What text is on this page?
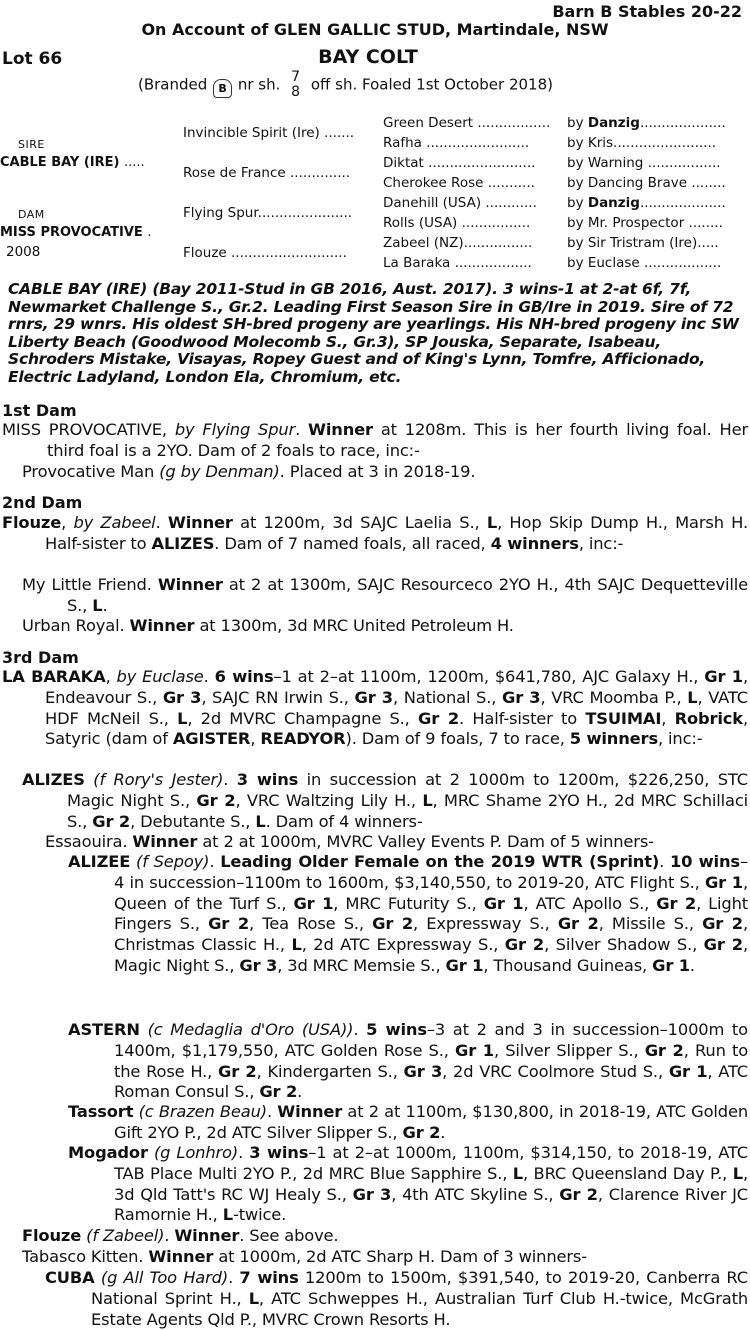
Barn B Stables 20-22
On Account of GLEN GALLIC STUD, Martindale, NSW
Lot 66	BAY COLT
(Branded B nr sh. 7
8 off sh. Foaled 1st October 2018)
SIRE
CABLE BAY (IRE) .....
DAM
MISS PROVOCATIVE .
2008
Invincible Spirit (Ire) .......
Rose de France ..............
Flying Spur......................
Flouze ...........................
Green Desert ................. by Danzig....................
Rafha ........................	by Kris........................
Diktat ......................... by Warning .................
Cherokee Rose ........... by Dancing Brave ........
Danehill (USA) ............ by Danzig....................
Rolls (USA) ................	by Mr. Prospector ........
Zabeel (NZ)................	by Sir Tristram (Ire).....
La Baraka ..................	by Euclase ..................
CABLE BAY (IRE) (Bay 2011-Stud in GB 2016, Aust. 2017). 3 wins-1 at 2-at 6f, 7f, Newmarket Challenge S., Gr.2. Leading First Season Sire in GB/Ire in 2019. Sire of 72 rnrs, 29 wnrs. His oldest SH-bred progeny are yearlings. His NH-bred progeny inc SW Liberty Beach (Goodwood Molecomb S., Gr.3), SP Jouska, Separate, Isabeau, Schroders Mistake, Visayas, Ropey Guest and of King's Lynn, Tomfre, Afficionado, Electric Ladyland, London Ela, Chromium, etc.
1st Dam
MISS PROVOCATIVE, by Flying Spur. Winner at 1208m. This is her fourth living foal. Her third foal is a 2YO. Dam of 2 foals to race, inc:-
Provocative Man (g by Denman). Placed at 3 in 2018-19.
2nd Dam
Flouze, by Zabeel. Winner at 1200m, 3d SAJC Laelia S., L, Hop Skip Dump H., Marsh H. Half-sister to ALIZES. Dam of 7 named foals, all raced, 4 winners, inc:-
My Little Friend. Winner at 2 at 1300m, SAJC Resourceco 2YO H., 4th SAJC Dequetteville S., L.
Urban Royal. Winner at 1300m, 3d MRC United Petroleum H.
3rd Dam
LA BARAKA, by Euclase. 6 wins–1 at 2–at 1100m, 1200m, $641,780, AJC Galaxy H., Gr 1, Endeavour S., Gr 3, SAJC RN Irwin S., Gr 3, National S., Gr 3, VRC Moomba P., L, VATC HDF McNeil S., L, 2d MVRC Champagne S., Gr 2. Half-sister to TSUIMAI, Robrick, Satyric (dam of AGISTER, READYOR). Dam of 9 foals, 7 to race, 5 winners, inc:-
ALIZES (f Rory's Jester). 3 wins in succession at 2 1000m to 1200m, $226,250, STC Magic Night S., Gr 2, VRC Waltzing Lily H., L, MRC Shame 2YO H., 2d MRC Schillaci S., Gr 2, Debutante S., L. Dam of 4 winners-
Essaouira. Winner at 2 at 1000m, MVRC Valley Events P. Dam of 5 winners-
ALIZEE (f Sepoy). Leading Older Female on the 2019 WTR (Sprint). 10 wins–4 in succession–1100m to 1600m, $3,140,550, to 2019-20, ATC Flight S., Gr 1, Queen of the Turf S., Gr 1, MRC Futurity S., Gr 1, ATC Apollo S., Gr 2, Light Fingers S., Gr 2, Tea Rose S., Gr 2, Expressway S., Gr 2, Missile S., Gr 2, Christmas Classic H., L, 2d ATC Expressway S., Gr 2, Silver Shadow S., Gr 2, Magic Night S., Gr 3, 3d MRC Memsie S., Gr 1, Thousand Guineas, Gr 1.
ASTERN (c Medaglia d'Oro (USA)). 5 wins–3 at 2 and 3 in succession–1000m to 1400m, $1,179,550, ATC Golden Rose S., Gr 1, Silver Slipper S., Gr 2, Run to the Rose H., Gr 2, Kindergarten S., Gr 3, 2d VRC Coolmore Stud S., Gr 1, ATC Roman Consul S., Gr 2.
Tassort (c Brazen Beau). Winner at 2 at 1100m, $130,800, in 2018-19, ATC Golden Gift 2YO P., 2d ATC Silver Slipper S., Gr 2.
Mogador (g Lonhro). 3 wins–1 at 2–at 1000m, 1100m, $314,150, to 2018-19, ATC TAB Place Multi 2YO P., 2d MRC Blue Sapphire S., L, BRC Queensland Day P., L, 3d Qld Tatt's RC WJ Healy S., Gr 3, 4th ATC Skyline S., Gr 2, Clarence River JC Ramornie H., L-twice.
Flouze (f Zabeel). Winner. See above.
Tabasco Kitten. Winner at 1000m, 2d ATC Sharp H. Dam of 3 winners-
CUBA (g All Too Hard). 7 wins 1200m to 1500m, $391,540, to 2019-20, Canberra RC National Sprint H., L, ATC Schweppes H., Australian Turf Club H.-twice, McGrath Estate Agents Qld P., MVRC Crown Resorts H.
